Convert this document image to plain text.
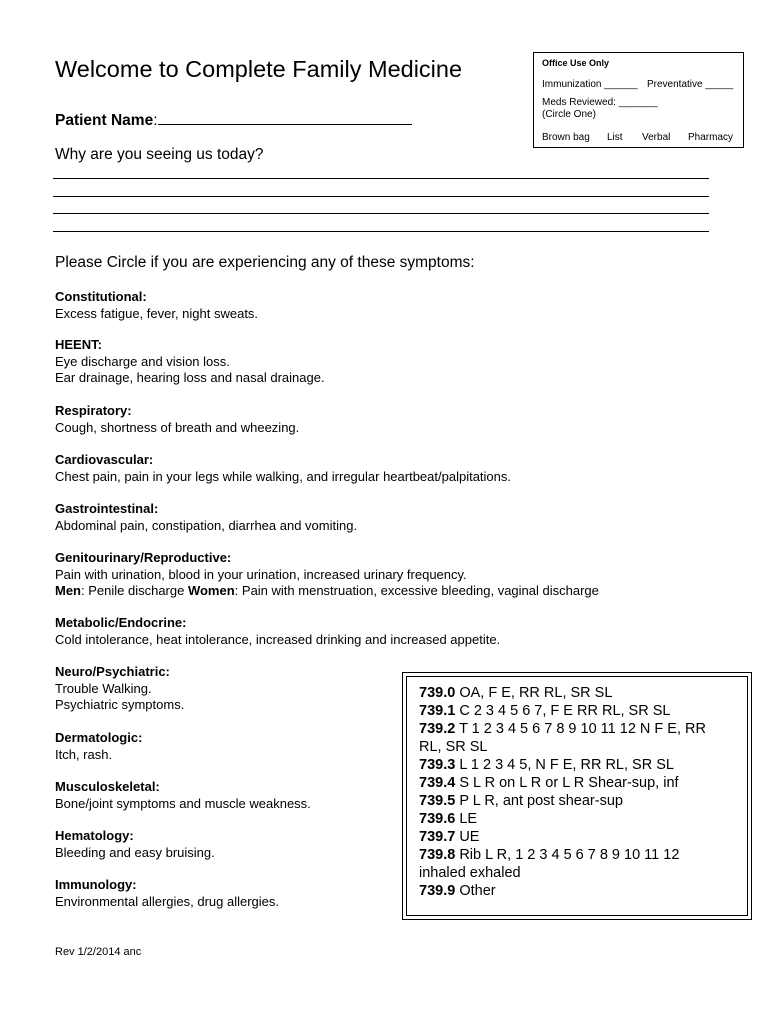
Welcome to Complete Family Medicine
Patient Name:
Why are you seeing us today?
Office Use Only
Immunization ______ Preventative _____
Meds Reviewed: _______
(Circle One)
Brown bag List Verbal Pharmacy
Please Circle if you are experiencing any of these symptoms:
Constitutional:
Excess fatigue, fever, night sweats.
HEENT:
Eye discharge and vision loss.
Ear drainage, hearing loss and nasal drainage.
Respiratory:
Cough, shortness of breath and wheezing.
Cardiovascular:
Chest pain, pain in your legs while walking, and irregular heartbeat/palpitations.
Gastrointestinal:
Abdominal pain, constipation, diarrhea and vomiting.
Genitourinary/Reproductive:
Pain with urination, blood in your urination, increased urinary frequency.
Men: Penile discharge Women: Pain with menstruation, excessive bleeding, vaginal discharge
Metabolic/Endocrine:
Cold intolerance, heat intolerance, increased drinking and increased appetite.
Neuro/Psychiatric:
Trouble Walking.
Psychiatric symptoms.
Dermatologic:
Itch, rash.
Musculoskeletal:
Bone/joint symptoms and muscle weakness.
Hematology:
Bleeding and easy bruising.
Immunology:
Environmental allergies, drug allergies.
739.0 OA, F E, RR RL, SR SL
739.1 C 2 3 4 5 6 7, F E RR RL, SR SL
739.2 T 1 2 3 4 5 6 7 8 9 10 11 12 N F E, RR
RL, SR SL
739.3 L 1 2 3 4 5, N F E, RR RL, SR SL
739.4 S L R on L R or L R Shear-sup, inf
739.5 P L R, ant post shear-sup
739.6 LE
739.7 UE
739.8 Rib L R, 1 2 3 4 5 6 7 8 9 10 11 12
inhaled exhaled
739.9 Other
Rev 1/2/2014 anc
